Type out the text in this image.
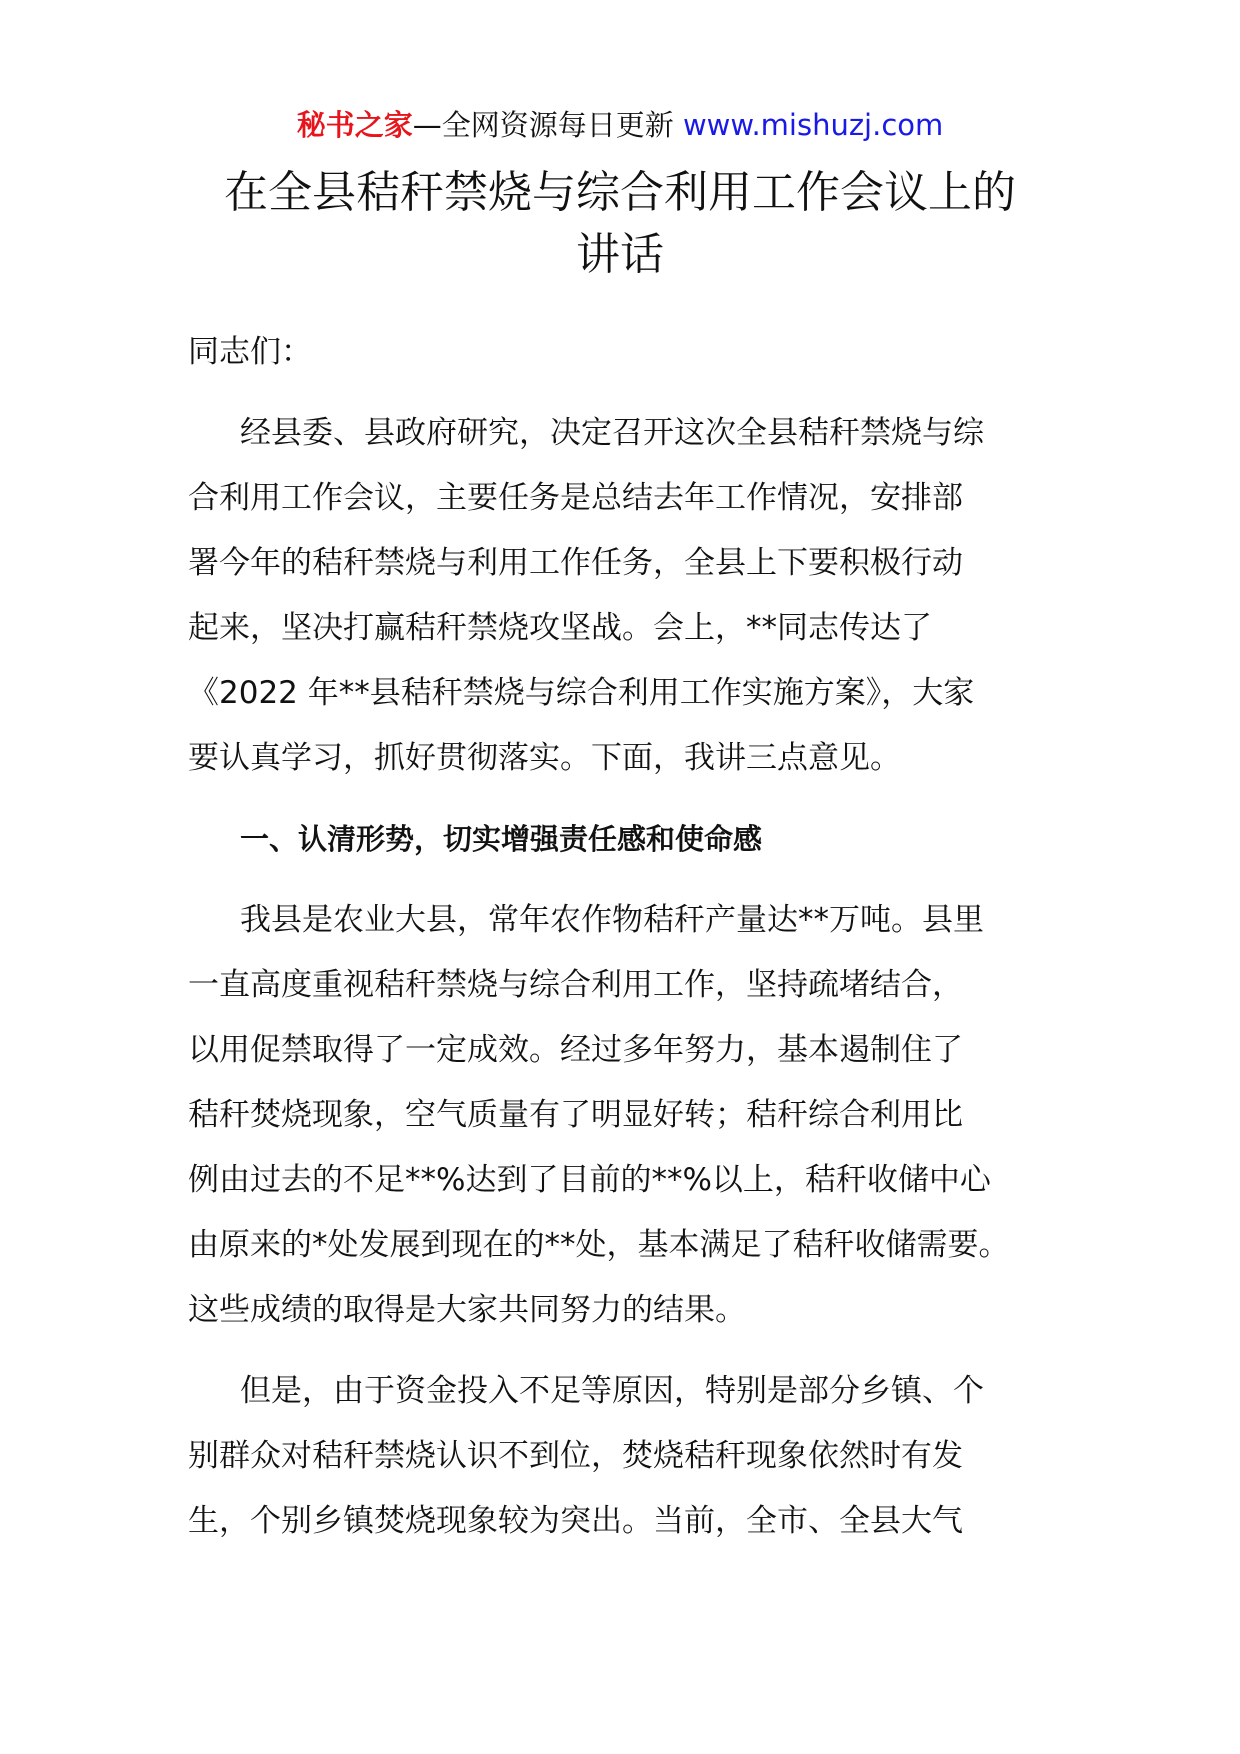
秘书之家—全网资源每日更新 www.mishuzj.com
在全县秸秆禁烧与综合利用工作会议上的
讲话
同志们：
经县委、县政府研究，决定召开这次全县秸秆禁烧与综
合利用工作会议，主要任务是总结去年工作情况，安排部
署今年的秸秆禁烧与利用工作任务，全县上下要积极行动
起来，坚决打赢秸秆禁烧攻坚战。会上，**同志传达了
《2022 年**县秸秆禁烧与综合利用工作实施方案》，大家
要认真学习，抓好贯彻落实。下面，我讲三点意见。
一、认清形势，切实增强责任感和使命感
我县是农业大县，常年农作物秸秆产量达**万吨。县里
一直高度重视秸秆禁烧与综合利用工作，坚持疏堵结合，
以用促禁取得了一定成效。经过多年努力，基本遏制住了
秸秆焚烧现象，空气质量有了明显好转；秸秆综合利用比
例由过去的不足**%达到了目前的**%以上，秸秆收储中心
由原来的*处发展到现在的**处，基本满足了秸秆收储需要。
这些成绩的取得是大家共同努力的结果。
但是，由于资金投入不足等原因，特别是部分乡镇、个
别群众对秸秆禁烧认识不到位，焚烧秸秆现象依然时有发
生，个别乡镇焚烧现象较为突出。当前，全市、全县大气
